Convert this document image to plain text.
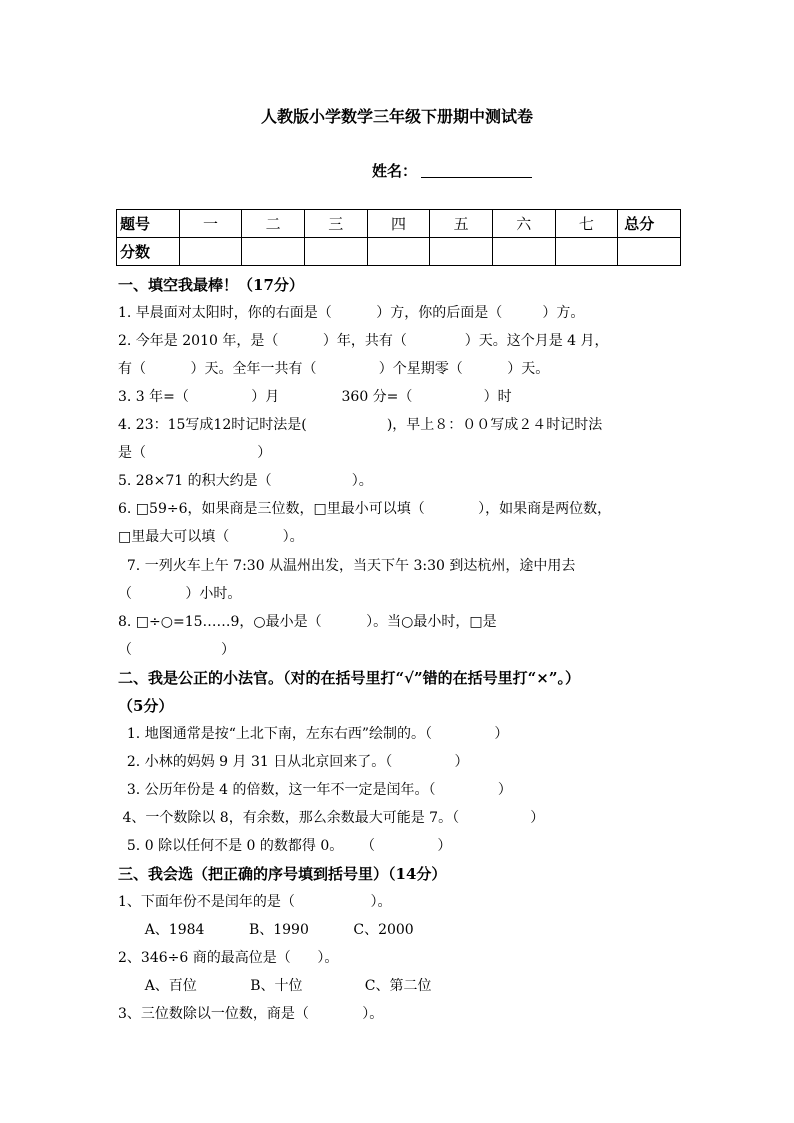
人教版小学数学三年级下册期中测试卷
姓名：
题号	一	二	三	四	五	六	七	总分
分数								
一、填空我最棒！（17分）
1. 早晨面对太阳时，你的右面是（          ）方，你的后面是（         ）方。
2. 今年是 2010 年，是（          ）年，共有（             ）天。这个月是 4 月，
有（          ）天。全年一共有（              ）个星期零（          ）天。
3. 3 年=（              ）月              360 分=（                ）时
4. 23：15写成12时记时法是(                  )，早上８：００写成２４时记时法
是（                         ）
5. 28×71 的积大约是（                  ）。
6. □59÷6，如果商是三位数，□里最小可以填（            ），如果商是两位数，
□里最大可以填（            ）。
7. 一列火车上午 7:30 从温州出发，当天下午 3:30 到达杭州，途中用去
（            ）小时。
8. □÷○=15……9，○最小是（          ）。当○最小时，□是
（                    ）
二、我是公正的小法官。（对的在括号里打“√”错的在括号里打“×”。）
（5分）
1. 地图通常是按“上北下南，左东右西”绘制的。（              ）
2. 小林的妈妈 9 月 31 日从北京回来了。（              ）
3. 公历年份是 4 的倍数，这一年不一定是闰年。（              ）
4、一个数除以 8，有余数，那么余数最大可能是 7。（                ）
5. 0 除以任何不是 0 的数都得 0。    （              ）
三、我会选（把正确的序号填到括号里）（14分）
1、下面年份不是闰年的是（                 ）。
A、1984          B、1990          C、2000
2、346÷6 商的最高位是（      ）。
A、百位            B、十位              C、第二位
3、三位数除以一位数，商是（            ）。
